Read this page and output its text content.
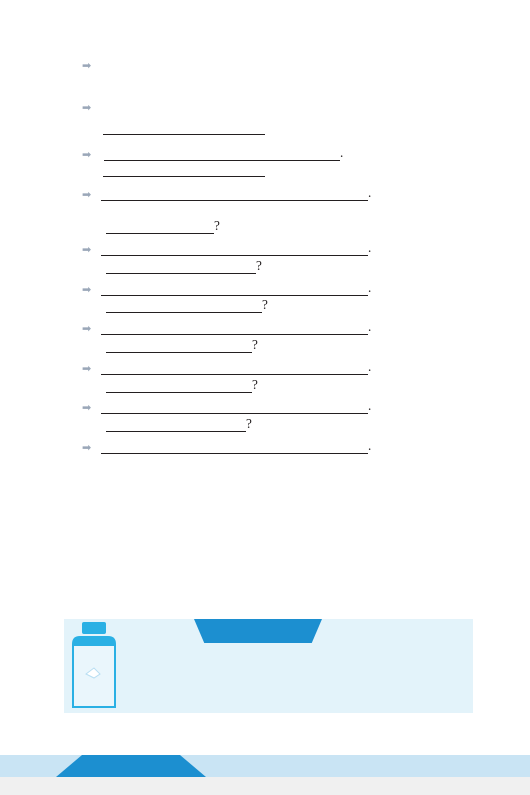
➡
➡
➡	.
➡	.
?
➡	.
?
➡	.
?
➡	.
?
➡	.
?
➡	.
?
➡	.
